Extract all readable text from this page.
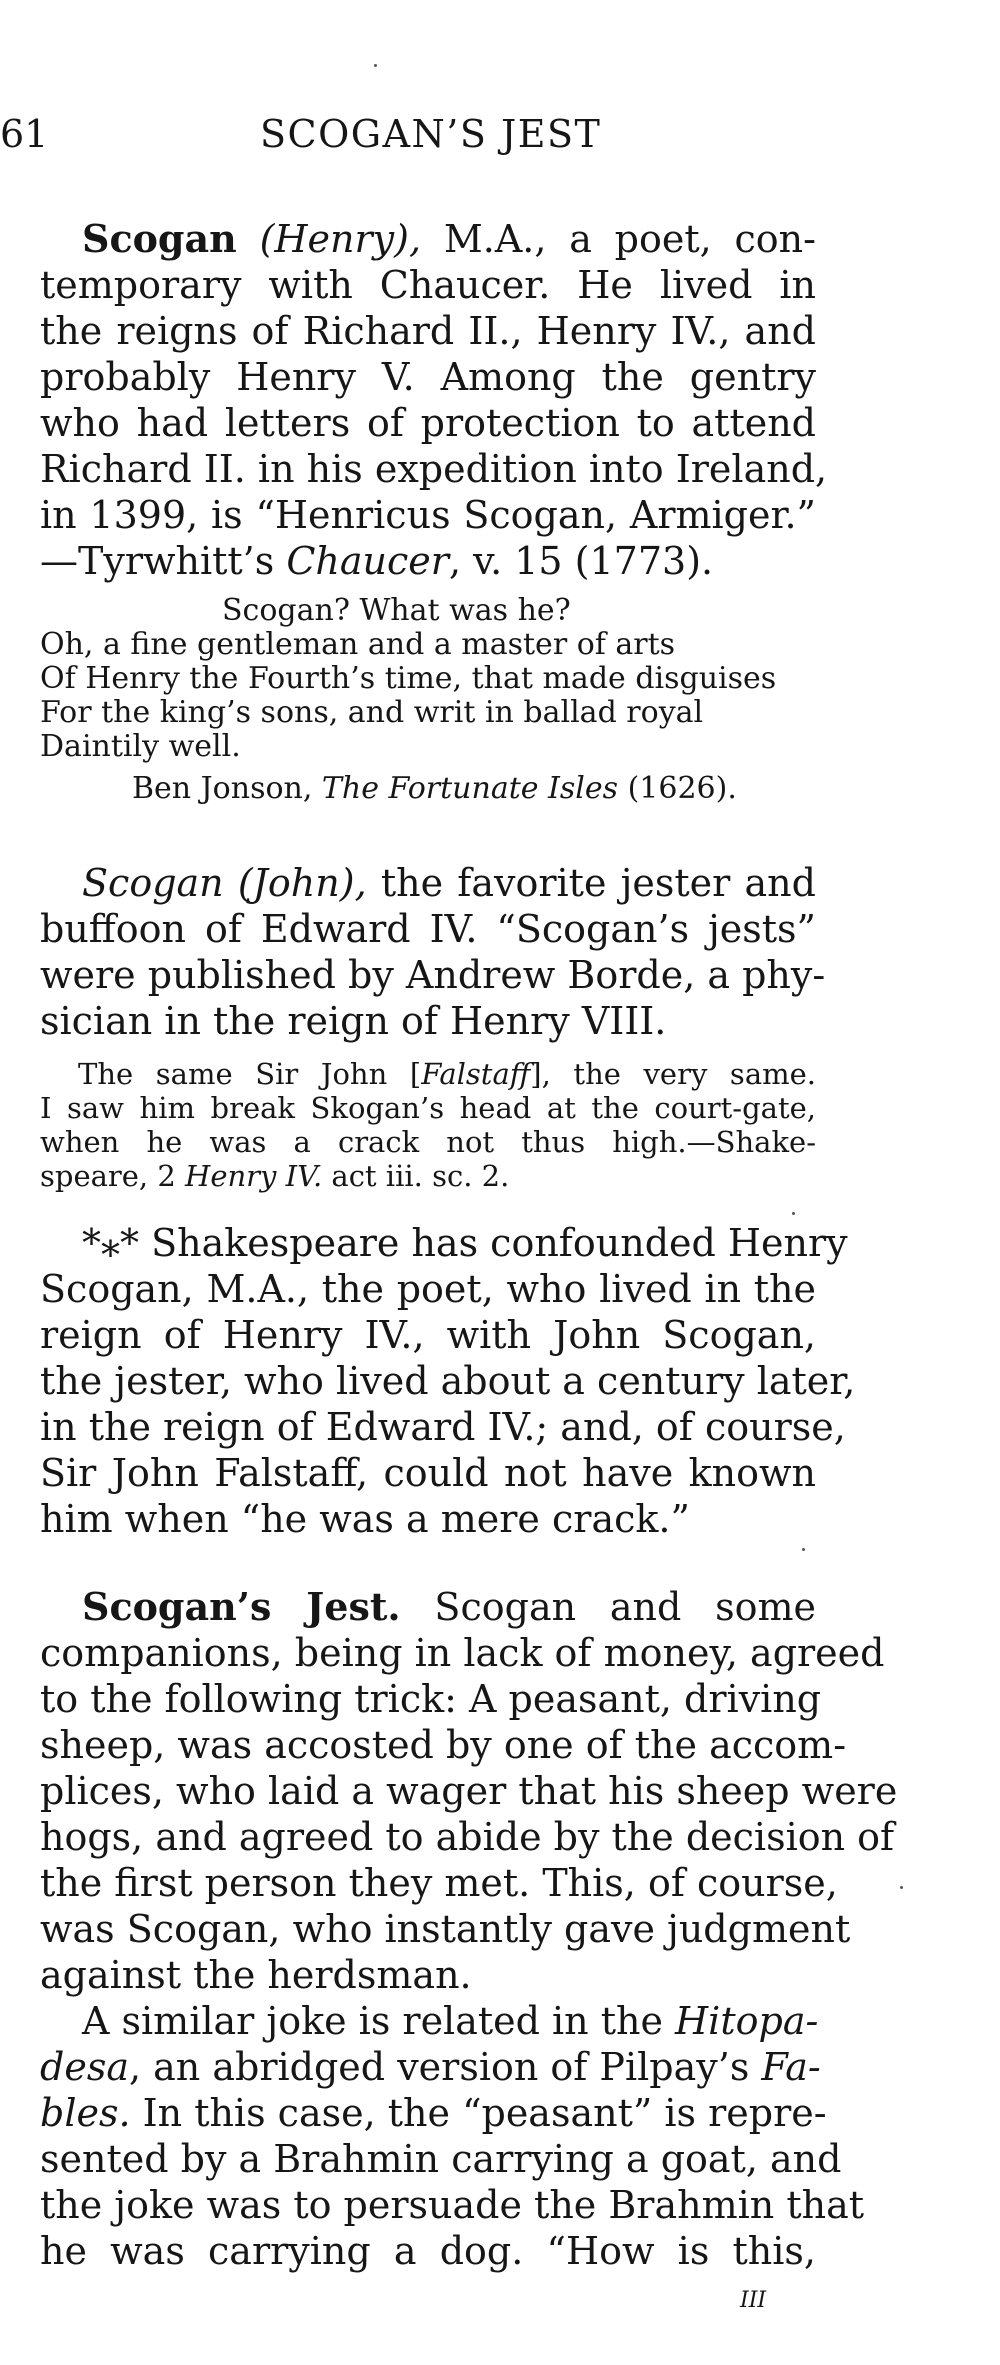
61	SCOGAN’S JEST
Scogan (Henry), M.A., a poet, con-
temporary with Chaucer. He lived in
the reigns of Richard II., Henry IV., and
probably Henry V. Among the gentry
who had letters of protection to attend
Richard II. in his expedition into Ireland,
in 1399, is “Henricus Scogan, Armiger.”
—Tyrwhitt’s Chaucer, v. 15 (1773).
Scogan? What was he?
Oh, a fine gentleman and a master of arts
Of Henry the Fourth’s time, that made disguises
For the king’s sons, and writ in ballad royal
Daintily well.
Ben Jonson, The Fortunate Isles (1626).
Scogan (John), the favorite jester and
buffoon of Edward IV. “Scogan’s jests”
were published by Andrew Borde, a phy-
sician in the reign of Henry VIII.
The same Sir John [Falstaff], the very same.
I saw him break Skogan’s head at the court-gate,
when he was a crack not thus high.—Shake-
speare, 2 Henry IV. act iii. sc. 2.
*⁎* Shakespeare has confounded Henry
Scogan, M.A., the poet, who lived in the
reign of Henry IV., with John Scogan,
the jester, who lived about a century later,
in the reign of Edward IV.; and, of course,
Sir John Falstaff, could not have known
him when “he was a mere crack.”
Scogan’s Jest. Scogan and some
companions, being in lack of money, agreed
to the following trick: A peasant, driving
sheep, was accosted by one of the accom-
plices, who laid a wager that his sheep were
hogs, and agreed to abide by the decision of
the first person they met. This, of course,
was Scogan, who instantly gave judgment
against the herdsman.
A similar joke is related in the Hitopa-
desa, an abridged version of Pilpay’s Fa-
bles. In this case, the “peasant” is repre-
sented by a Brahmin carrying a goat, and
the joke was to persuade the Brahmin that
he was carrying a dog. “How is this,
III
